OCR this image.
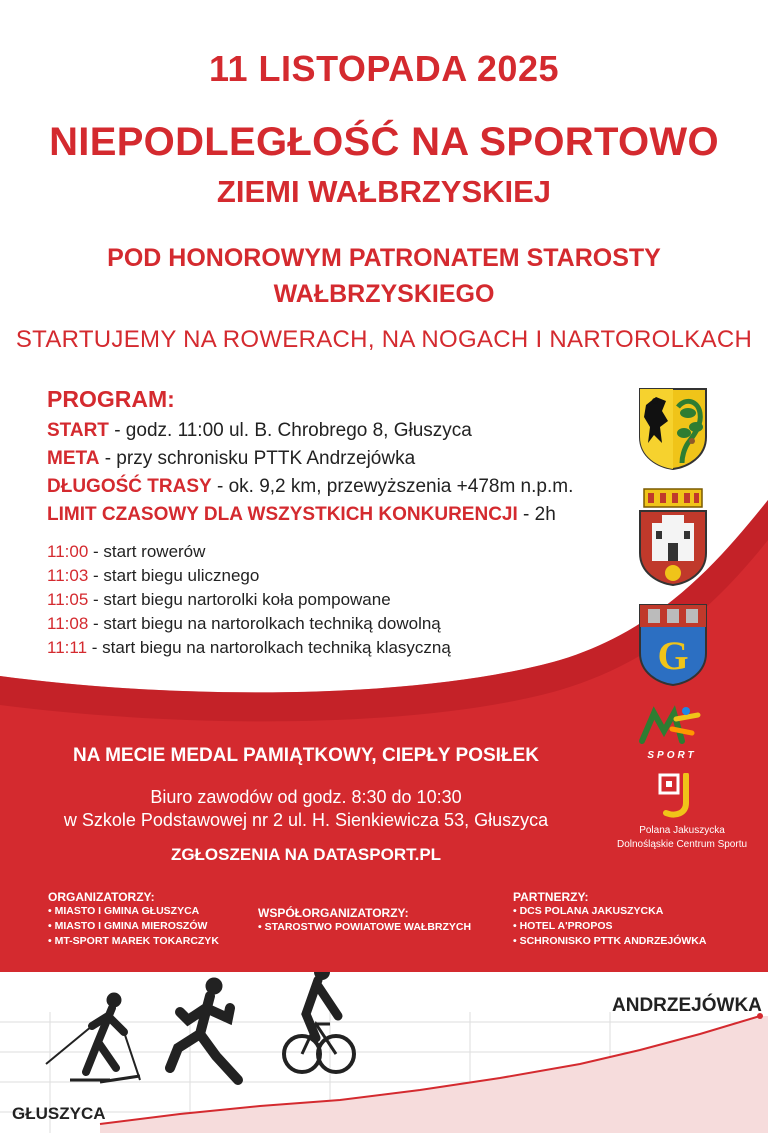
11 LISTOPADA 2025
NIEPODLEGŁOŚĆ NA SPORTOWO
ZIEMI WAŁBRZYSKIEJ
POD HONOROWYM PATRONATEM STAROSTY
WAŁBRZYSKIEGO
STARTUJEMY NA ROWERACH, NA NOGACH I NARTOROLKACH
PROGRAM:
START - godz. 11:00 ul. B. Chrobrego 8, Głuszyca
META - przy schronisku PTTK Andrzejówka
DŁUGOŚĆ TRASY - ok. 9,2 km, przewyższenia +478m n.p.m.
LIMIT CZASOWY DLA WSZYSTKICH KONKURENCJI - 2h
11:00 - start rowerów
11:03 - start biegu ulicznego
11:05 - start biegu nartorolki koła pompowane
11:08 - start biegu na nartorolkach techniką dowolną
11:11 - start biegu na nartorolkach techniką klasyczną	G
SPORT
Polana Jakuszycka
Dolnośląskie Centrum Sportu
NA MECIE MEDAL PAMIĄTKOWY, CIEPŁY POSIŁEK
Biuro zawodów od godz. 8:30 do 10:30
w Szkole Podstawowej nr 2 ul. H. Sienkiewicza 53, Głuszyca
ZGŁOSZENIA NA DATASPORT.PL
ORGANIZATORZY:
• MIASTO I GMINA GŁUSZYCA
• MIASTO I GMINA MIEROSZÓW
• MT-SPORT MAREK TOKARCZYK
WSPÓŁORGANIZATORZY:
• STAROSTWO POWIATOWE WAŁBRZYCH
PARTNERZY:
• DCS POLANA JAKUSZYCKA
• HOTEL A'PROPOS
• SCHRONISKO PTTK ANDRZEJÓWKA
ANDRZEJÓWKA
GŁUSZYCA
